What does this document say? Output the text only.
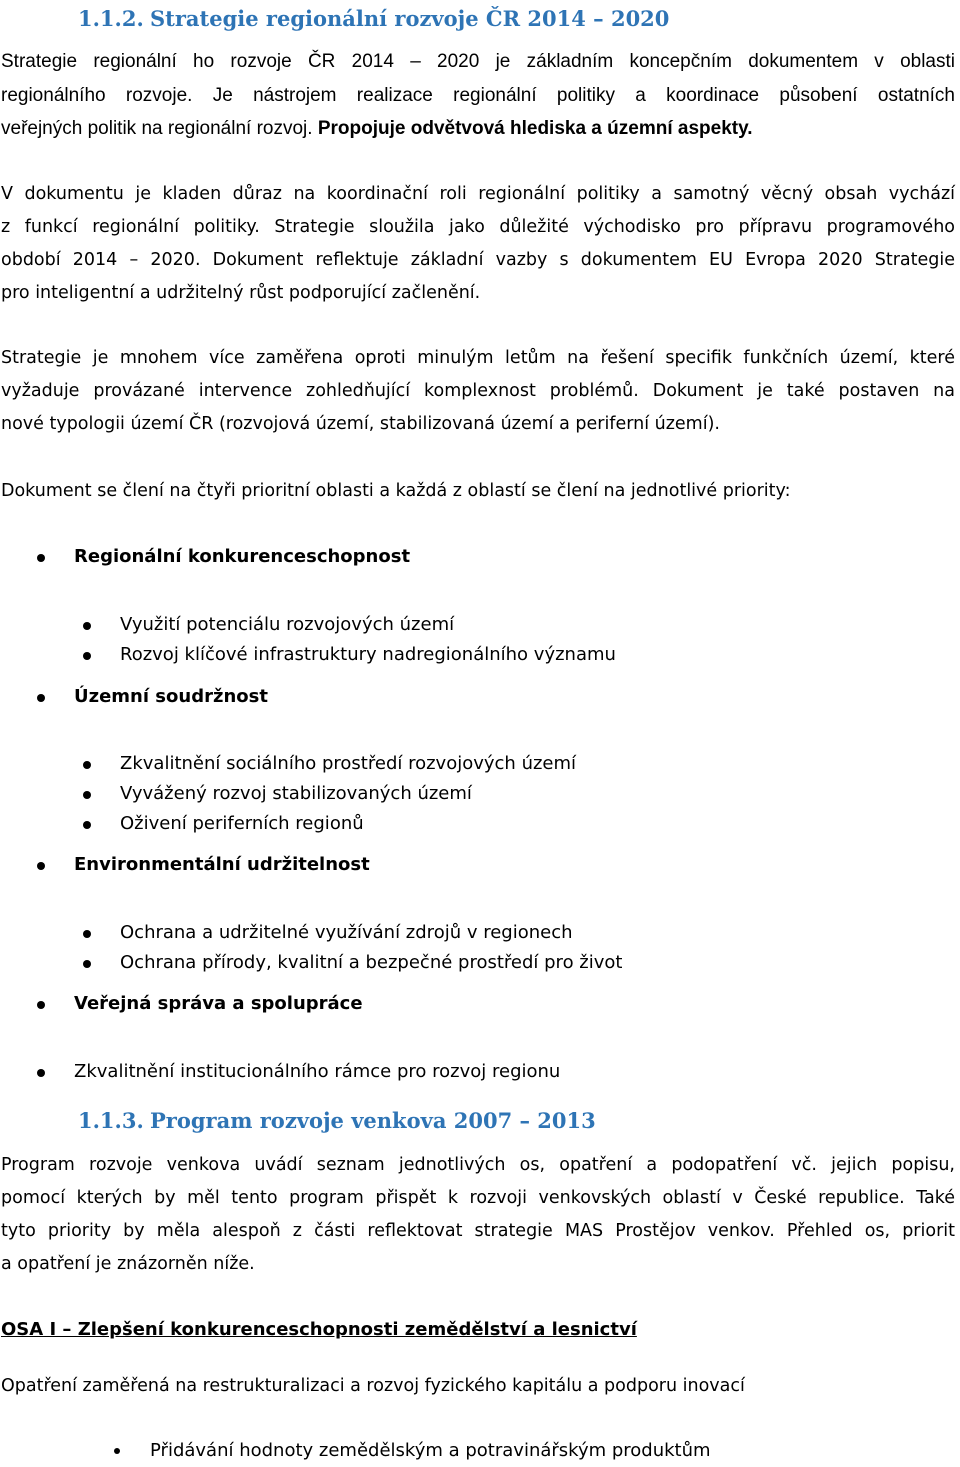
1.1.2. Strategie regionální rozvoje ČR 2014 – 2020
Strategie regionální ho rozvoje ČR 2014 – 2020 je základním koncepčním dokumentem v oblasti
regionálního rozvoje. Je nástrojem realizace regionální politiky a koordinace působení ostatních
veřejných politik na regionální rozvoj. Propojuje odvětvová hlediska a územní aspekty.
V dokumentu je kladen důraz na koordinační roli regionální politiky a samotný věcný obsah vychází
z funkcí regionální politiky. Strategie sloužila jako důležité východisko pro přípravu programového
období 2014 – 2020. Dokument reflektuje základní vazby s dokumentem EU Evropa 2020 Strategie
pro inteligentní a udržitelný růst podporující začlenění.
Strategie je mnohem více zaměřena oproti minulým letům na řešení specifik funkčních území, které
vyžaduje provázané intervence zohledňující komplexnost problémů. Dokument je také postaven na
nové typologii území ČR (rozvojová území, stabilizovaná území a periferní území).
Dokument se člení na čtyři prioritní oblasti a každá z oblastí se člení na jednotlivé priority:
Regionální konkurenceschopnost
Využití potenciálu rozvojových území
Rozvoj klíčové infrastruktury nadregionálního významu
Územní soudržnost
Zkvalitnění sociálního prostředí rozvojových území
Vyvážený rozvoj stabilizovaných území
Oživení periferních regionů
Environmentální udržitelnost
Ochrana a udržitelné využívání zdrojů v regionech
Ochrana přírody, kvalitní a bezpečné prostředí pro život
Veřejná správa a spolupráce
Zkvalitnění institucionálního rámce pro rozvoj regionu
1.1.3. Program rozvoje venkova 2007 – 2013
Program rozvoje venkova uvádí seznam jednotlivých os, opatření a podopatření vč. jejich popisu,
pomocí kterých by měl tento program přispět k rozvoji venkovských oblastí v České republice. Také
tyto priority by měla alespoň z části reflektovat strategie MAS Prostějov venkov. Přehled os, priorit
a opatření je znázorněn níže.
OSA I – Zlepšení konkurenceschopnosti zemědělství a lesnictví
Opatření zaměřená na restrukturalizaci a rozvoj fyzického kapitálu a podporu inovací
Přidávání hodnoty zemědělským a potravinářským produktům
